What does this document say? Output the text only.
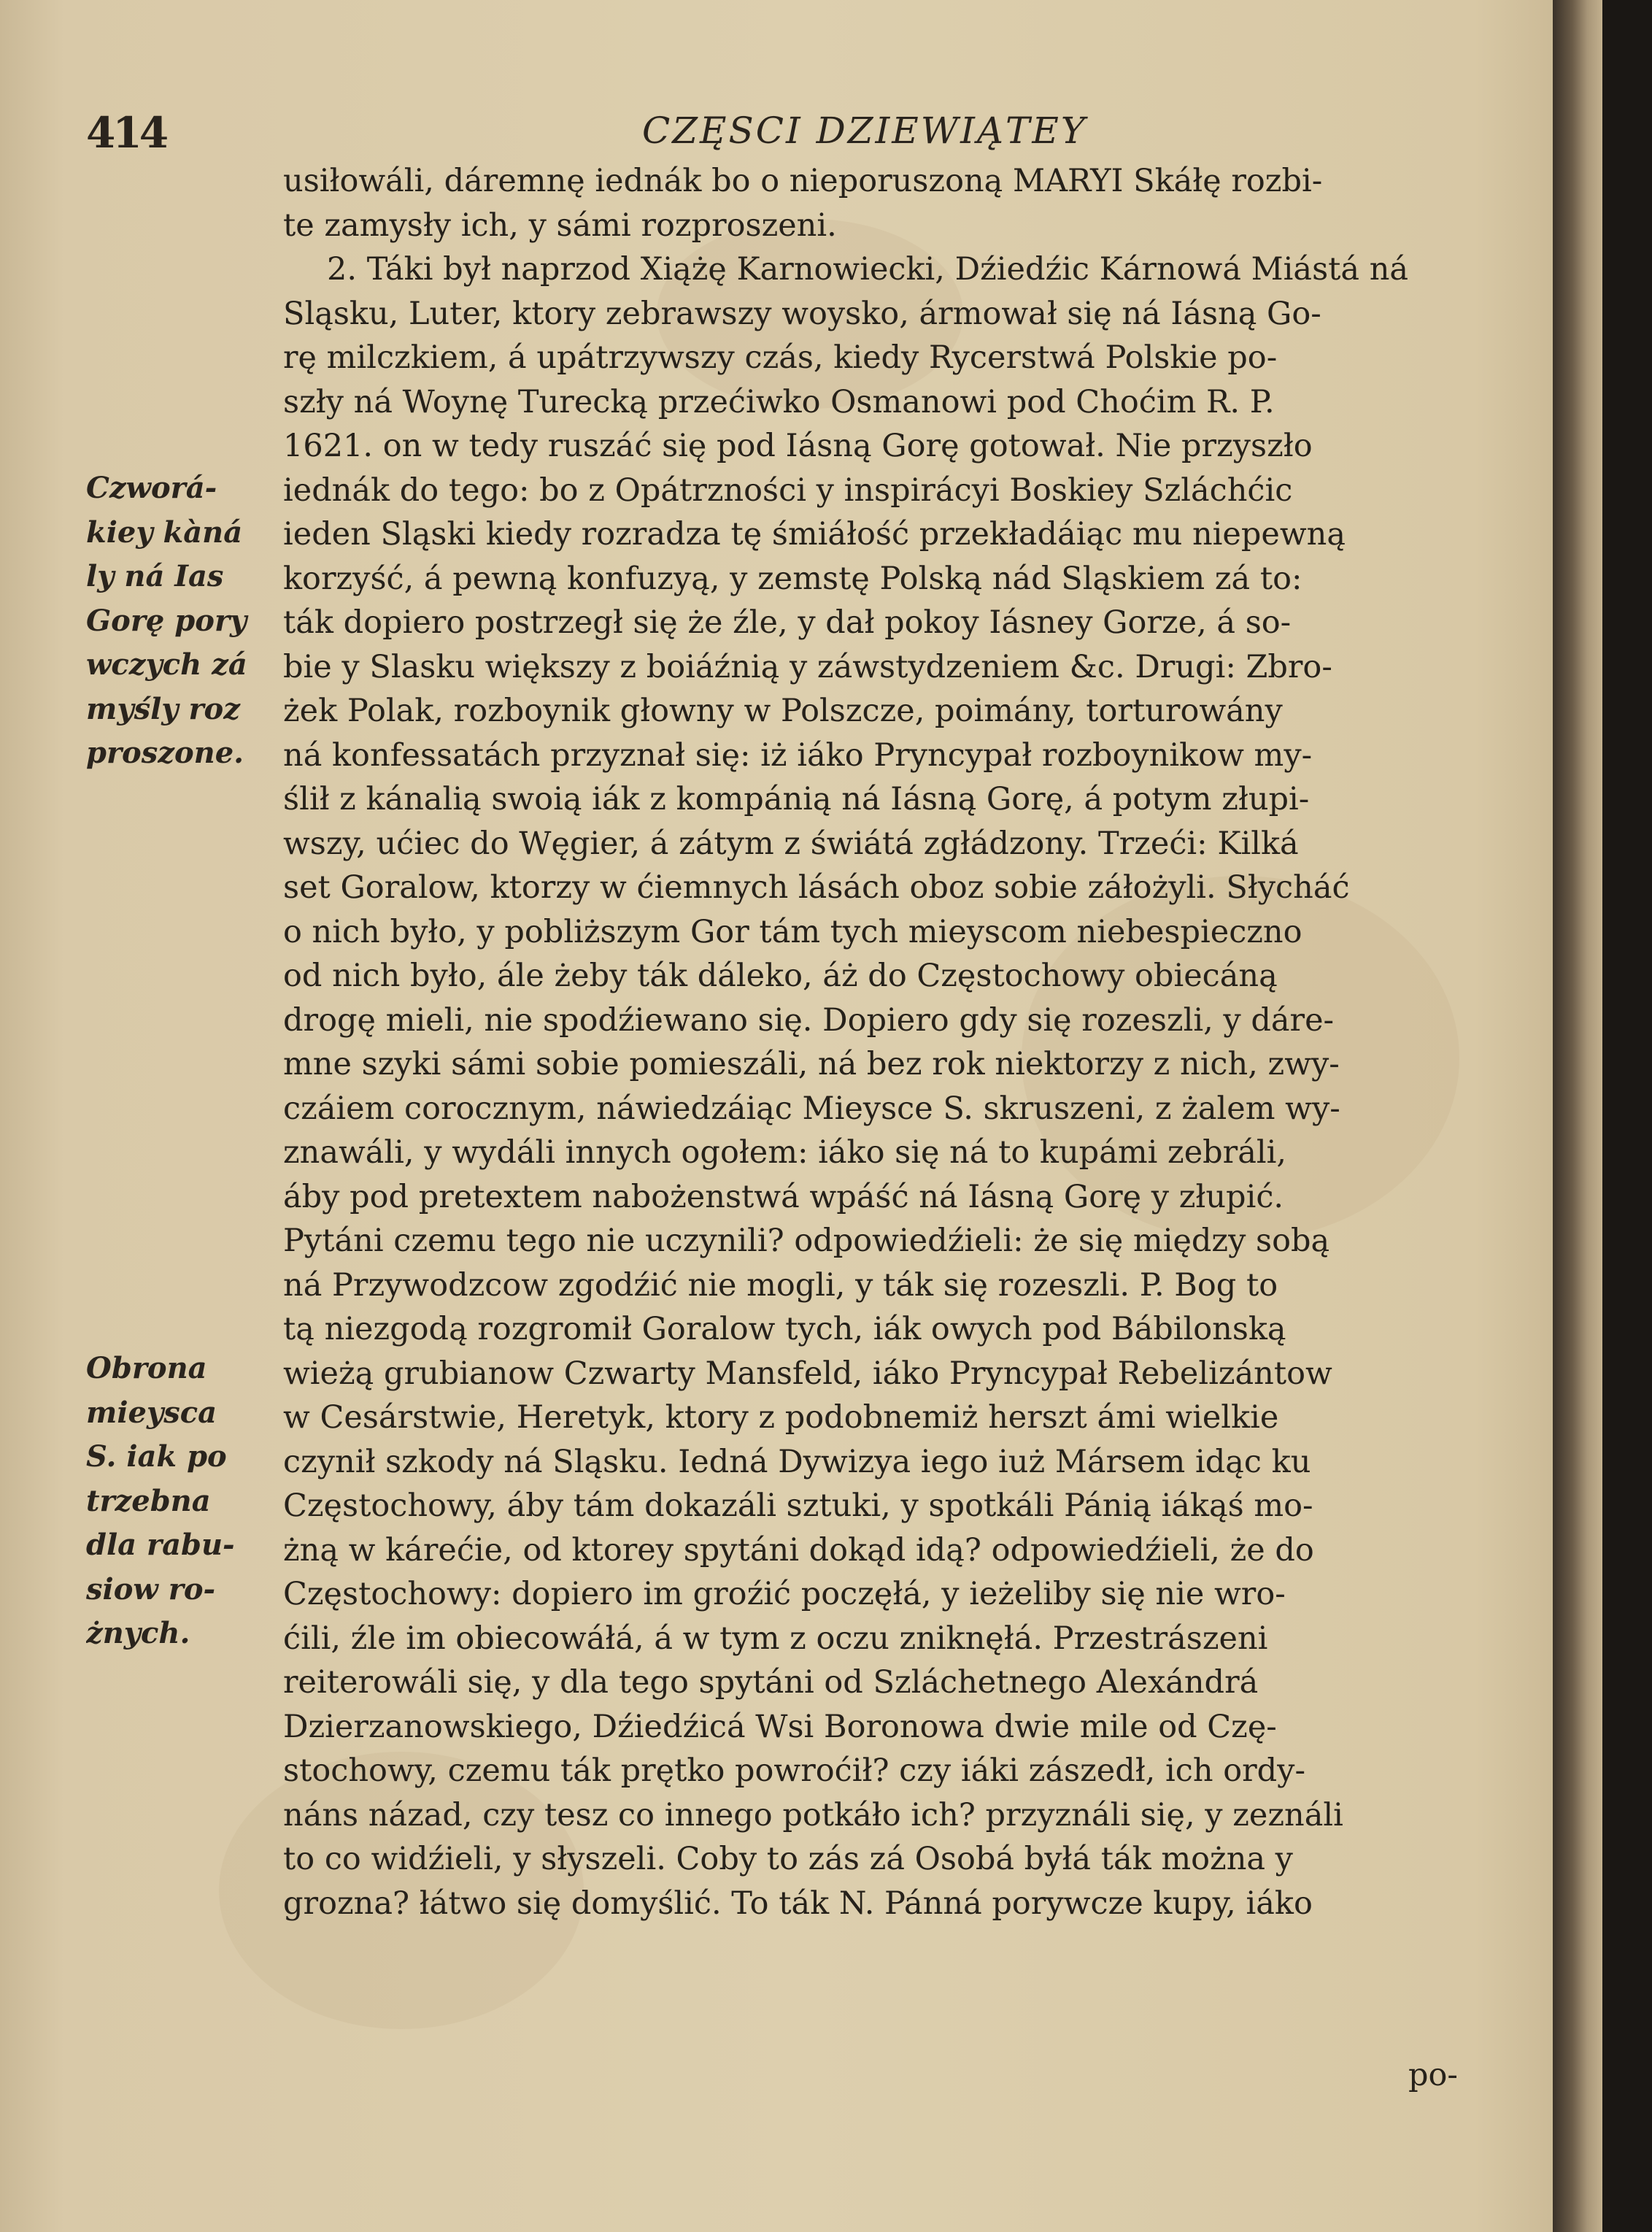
414	CZĘSCI DZIEWIĄTEY
usiłowáli, dáremnę iednák bo o nieporuszoną MARYI Skáłę rozbi-
te zamysły ich, y sámi rozproszeni.
2. Táki był naprzod Xiążę Karnowiecki, Dźiedźic Kárnowá Miástá ná
Sląsku, Luter, ktory zebrawszy woysko, ármował się ná Iásną Go-
rę milczkiem, á upátrzywszy czás, kiedy Rycerstwá Polskie po-
szły ná Woynę Turecką przećiwko Osmanowi pod Choćim R. P.
1621. on w tedy ruszáć się pod Iásną Gorę gotował. Nie przyszło
iednák do tego: bo z Opátrzności y inspirácyi Boskiey Szláchćic
ieden Sląski kiedy rozradza tę śmiáłość przekładáiąc mu niepewną
korzyść, á pewną konfuzyą, y zemstę Polską nád Sląskiem zá to:
ták dopiero postrzegł się że źle, y dał pokoy Iásney Gorze, á so-
bie y Slasku większy z boiáźnią y záwstydzeniem &c. Drugi: Zbro-
żek Polak, rozboynik głowny w Polszcze, poimány, torturowány
ná konfessatách przyznał się: iż iáko Pryncypał rozboynikow my-
ślił z kánalią swoią iák z kompánią ná Iásną Gorę, á potym złupi-
wszy, ućiec do Węgier, á zátym z świátá zgłádzony. Trzeći: Kilká
set Goralow, ktorzy w ćiemnych lásách obоz sobie záłożyli. Słycháć
o nich było, y pobliższym Gor tám tych mieyscom niebespieczno
od nich było, ále żeby ták dáleko, áż do Częstochowy obiecáną
drogę mieli, nie spodźiewano się. Dopiero gdy się rozeszli, y dáre-
mne szyki sámi sobie pomieszáli, ná bez rok niektorzy z nich, zwy-
czáiem corocznym, náwiedzáiąc Mieysce S. skruszeni, z żalem wy-
znawáli, y wydáli innych ogołem: iáko się ná to kupámi zebráli,
áby pod pretextem nabożenstwá wpáść ná Iásną Gorę y złupić.
Pytáni czemu tego nie uczynili? odpowiedźieli: że się między sobą
ná Przywodzcow zgodźić nie mogli, y ták się rozeszli. P. Bog to
tą niezgodą rozgromił Goralow tych, iák owych pod Bábilonską
wieżą grubianow Czwarty Mansfeld, iáko Pryncypał Rebelizántow
w Cesárstwie, Heretyk, ktory z podobnemiż herszt ámi wielkie
czynił szkody ná Sląsku. Iedná Dywizya iego iuż Mársem idąc ku
Częstochowy, áby tám dokazáli sztuki, y spotkáli Pánią iákąś mo-
żną w kárećie, od ktorey spytáni dokąd idą? odpowiedźieli, że do
Częstochowy: dopiero im groźić poczęłá, y ieżeliby się nie wro-
ćili, źle im obiecowáłá, á w tym z oczu zniknęłá. Przestrászeni
reiterowáli się, y dla tego spytáni od Szláchetnego Alexándrá
Dzierzanowskiego, Dźiedźicá Wsi Boronowa dwie mile od Czę-
stochowy, czemu ták prętko powroćił? czy iáki zászedł, ich ordy-
náns názad, czy tesz co innego potkáło ich? przyználi się, y zeználi
to co widźieli, y słyszeli. Coby to zás zá Osobá byłá ták można y
grozna? łátwo się domyślić. To ták N. Pánná porywcze kupy, iáko
po-
Czworá-
kiey kàná
ly ná Ias
Gorę pory
wczych zá
myśly roz
proszone.
Obrona
mieysca
S. iak po
trzebna
dla rabu-
siow ro-
żnych.
